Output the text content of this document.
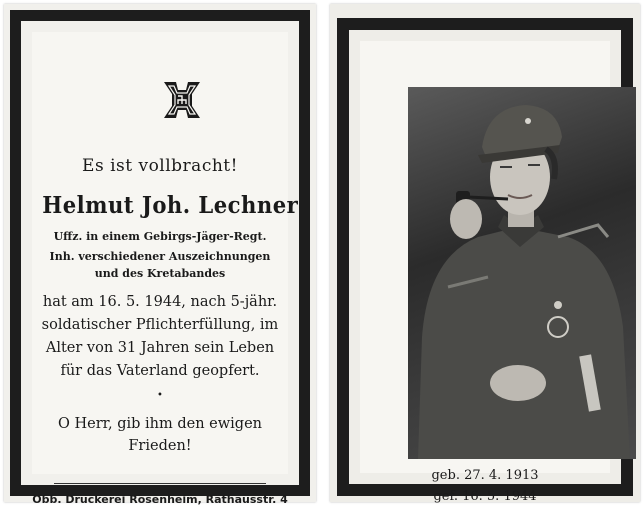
Es ist vollbracht!
Helmut Joh. Lechner
Uffz. in einem Gebirgs-Jäger-Regt.
Inh. verschiedener Auszeichnungen
und des Kretabandes
hat am 16. 5. 1944, nach 5-jähr.
soldatischer Pflichterfüllung, im
Alter von 31 Jahren sein Leben
für das Vaterland geopfert.
•
O Herr, gib ihm den ewigen
Frieden!
Obb. Druckerei Rosenheim, Rathausstr. 4
geb. 27. 4. 1913
gef. 16. 5. 1944
